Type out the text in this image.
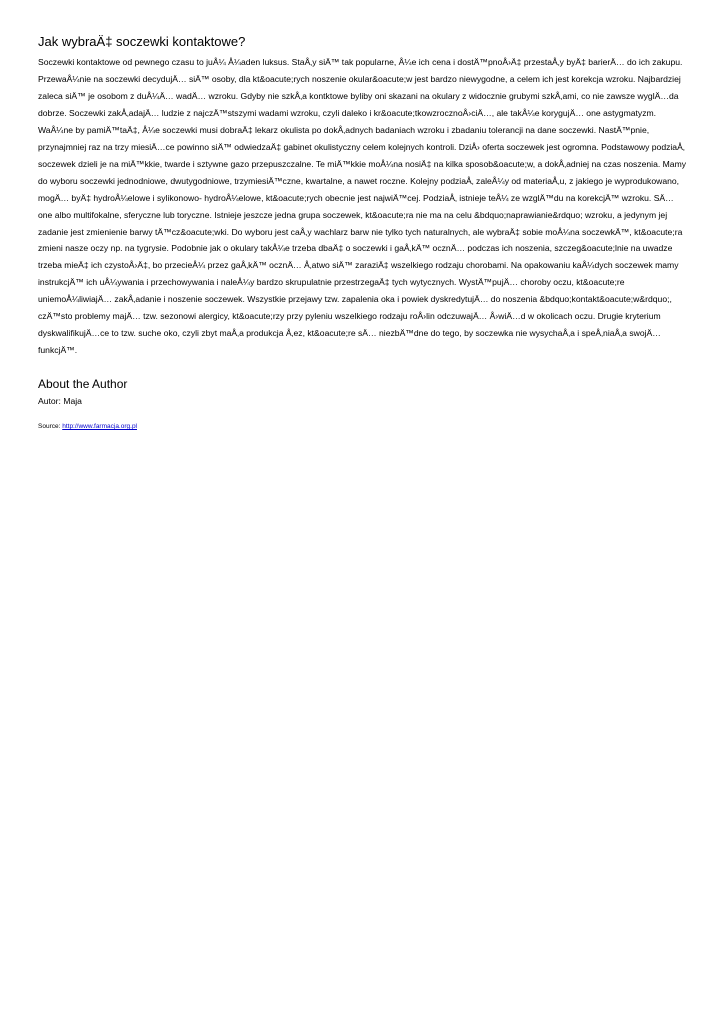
Jak wybraÄ‡ soczewki kontaktowe?

Soczewki kontaktowe od pewnego czasu to juÅ¼ Å¼aden luksus. StaÅ‚y siÄ™ tak popularne, Å¼e ich cena i dostÄ™pnoÅ›Ä‡ przestaÅ‚y byÄ‡ barierÄ… do ich zakupu. PrzewaÅ¼nie na soczewki decydujÄ… siÄ™ osoby, dla kt&oacute;rych noszenie okular&oacute;w jest bardzo niewygodne, a celem ich jest korekcja wzroku. Najbardziej zaleca siÄ™ je osobom z duÅ¼Ä… wadÄ… wzroku. Gdyby nie szkÅ‚a kontktowe byliby oni skazani na okulary z widocznie grubymi szkÅ‚ami, co nie zawsze wyglÄ…da dobrze. Soczewki zakÅ‚adajÄ… ludzie z najczÄ™stszymi wadami wzroku, czyli daleko i kr&oacute;tkowzrocznoÅ›ciÄ…, ale takÅ¼e korygujÄ… one astygmatyzm. WaÅ¼ne by pamiÄ™taÄ‡, Å¼e soczewki musi dobraÄ‡ lekarz okulista po dokÅ‚adnych badaniach wzroku i zbadaniu tolerancji na dane soczewki. NastÄ™pnie, przynajmniej raz na trzy miesiÄ…ce powinno siÄ™ odwiedzaÄ‡ gabinet okulistyczny celem kolejnych kontroli. DziÅ› oferta soczewek jest ogromna. Podstawowy podziaÅ‚ soczewek dzieli je na miÄ™kkie, twarde i sztywne gazo przepuszczalne. Te miÄ™kkie moÅ¼na nosiÄ‡ na kilka sposob&oacute;w, a dokÅ‚adniej na czas noszenia. Mamy do wyboru soczewki jednodniowe, dwutygodniowe, trzymiesiÄ™czne, kwartalne, a nawet roczne. Kolejny podziaÅ‚ zaleÅ¼y od materiaÅ‚u, z jakiego je wyprodukowano, mogÄ… byÄ‡ hydroÅ¼elowe i sylikonowo- hydroÅ¼elowe, kt&oacute;rych obecnie jest najwiÄ™cej. PodziaÅ‚ istnieje teÅ¼ ze wzglÄ™du na korekcjÄ™ wzroku. SÄ… one albo multifokalne, sferyczne lub toryczne. Istnieje jeszcze jedna grupa soczewek, kt&oacute;ra nie ma na celu &bdquo;naprawianie&rdquo; wzroku, a jedynym jej zadanie jest zmienienie barwy tÄ™cz&oacute;wki. Do wyboru jest caÅ‚y wachlarz barw nie tylko tych naturalnych, ale wybraÄ‡ sobie moÅ¼na soczewkÄ™, kt&oacute;ra zmieni nasze oczy np. na tygrysie. Podobnie jak o okulary takÅ¼e trzeba dbaÄ‡ o soczewki i gaÅ‚kÄ™ ocznÄ… podczas ich noszenia, szczeg&oacute;lnie na uwadze trzeba mieÄ‡ ich czystoÅ›Ä‡, bo przecieÅ¼ przez gaÅ‚kÄ™ ocznÄ… Å‚atwo siÄ™ zaraziÄ‡ wszelkiego rodzaju chorobami. Na opakowaniu kaÅ¼dych soczewek mamy instrukcjÄ™ ich uÅ¼ywania i przechowywania i naleÅ¼y bardzo skrupulatnie przestrzegaÄ‡ tych wytycznych. WystÄ™pujÄ… choroby oczu, kt&oacute;re uniemoÅ¼liwiajÄ… zakÅ‚adanie i noszenie soczewek. Wszystkie przejawy tzw. zapalenia oka i powiek dyskredytujÄ… do noszenia &bdquo;kontakt&oacute;w&rdquo;, czÄ™sto problemy majÄ… tzw. sezonowi alergicy, kt&oacute;rzy przy pyleniu wszelkiego rodzaju roÅ›lin odczuwajÄ… Å›wiÄ…d w okolicach oczu. Drugie kryterium dyskwalifikujÄ…ce to tzw. suche oko, czyli zbyt maÅ‚a produkcja Å‚ez, kt&oacute;re sÄ… niezbÄ™dne do tego, by soczewka nie wysychaÅ‚a i speÅ‚niaÅ‚a swojÄ… funkcjÄ™.

About the Author

Autor: Maja

Source: http://www.farmacja.org.pl
